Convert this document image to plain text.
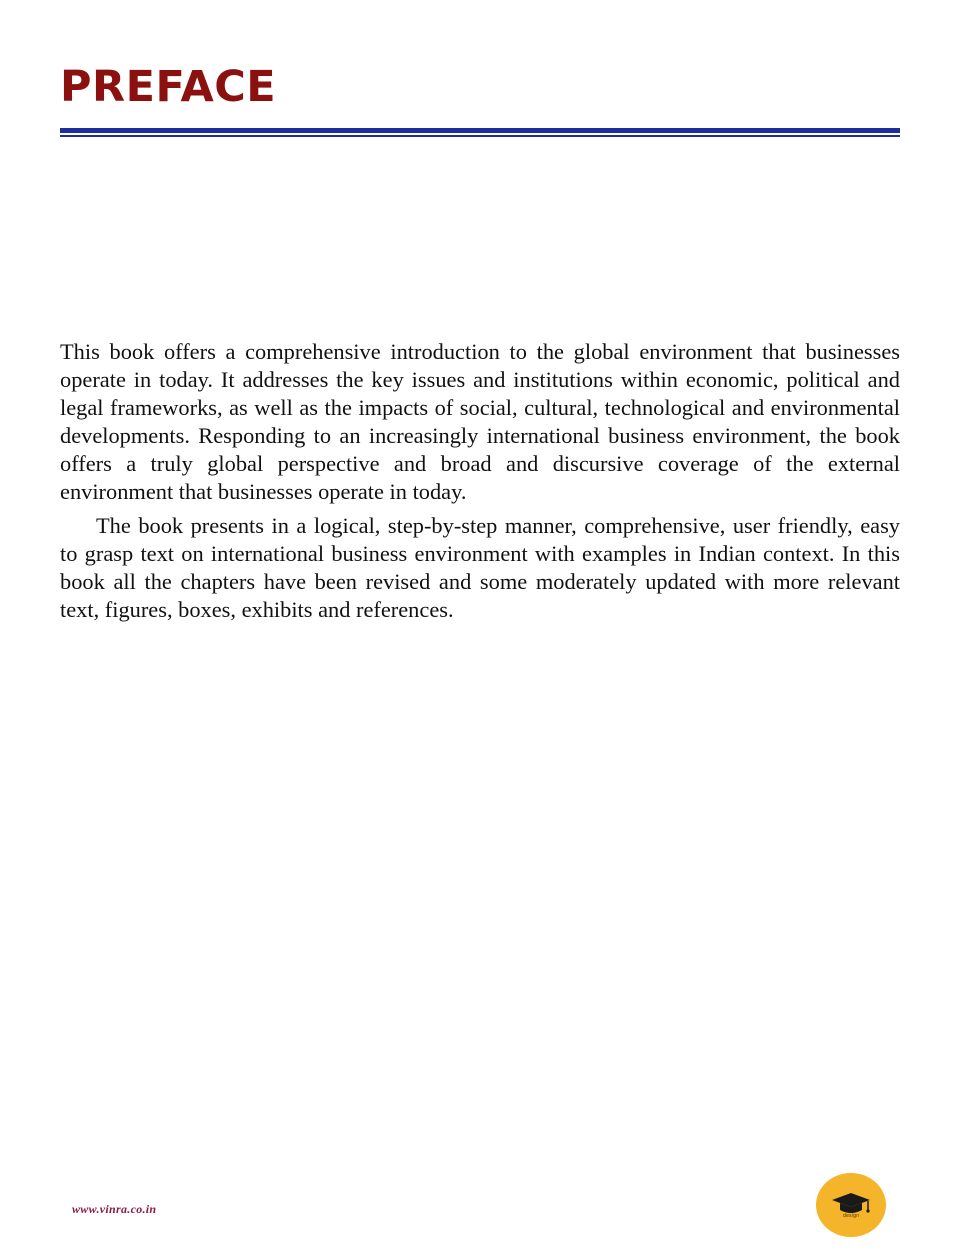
PREFACE

This book offers a comprehensive introduction to the global environment that businesses operate in today. It addresses the key issues and institutions within economic, political and legal frameworks, as well as the impacts of social, cultural, technological and environmental developments. Responding to an increasingly international business environment, the book offers a truly global perspective and broad and discursive coverage of the external environment that businesses operate in today.

The book presents in a logical, step-by-step manner, comprehensive, user friendly, easy to grasp text on international business environment with examples in Indian context. In this book all the chapters have been revised and some moderately updated with more relevant text, figures, boxes, exhibits and references.

www.vinra.co.in	design
